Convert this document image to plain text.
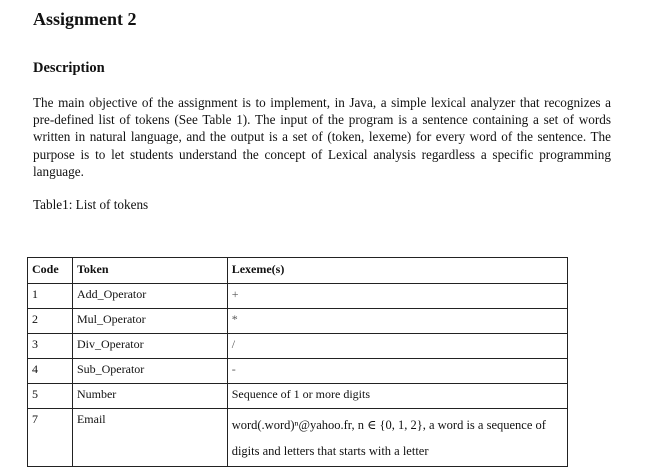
Assignment 2
Description

The main objective of the assignment is to implement, in Java, a simple lexical analyzer that recognizes a pre-defined list of tokens (See Table 1). The input of the program is a sentence containing a set of words written in natural language, and the output is a set of (token, lexeme) for every word of the sentence. The purpose is to let students understand the concept of Lexical analysis regardless a specific programming language.

Table1: List of tokens

Code	Token	Lexeme(s)
1	Add_Operator	+
2	Mul_Operator	*
3	Div_Operator	/
4	Sub_Operator	-
5	Number	Sequence of 1 or more digits
7	Email	word(.word)ⁿ@yahoo.fr, n ∈ {0, 1, 2}, a word is a sequence of digits and letters that starts with a letter
